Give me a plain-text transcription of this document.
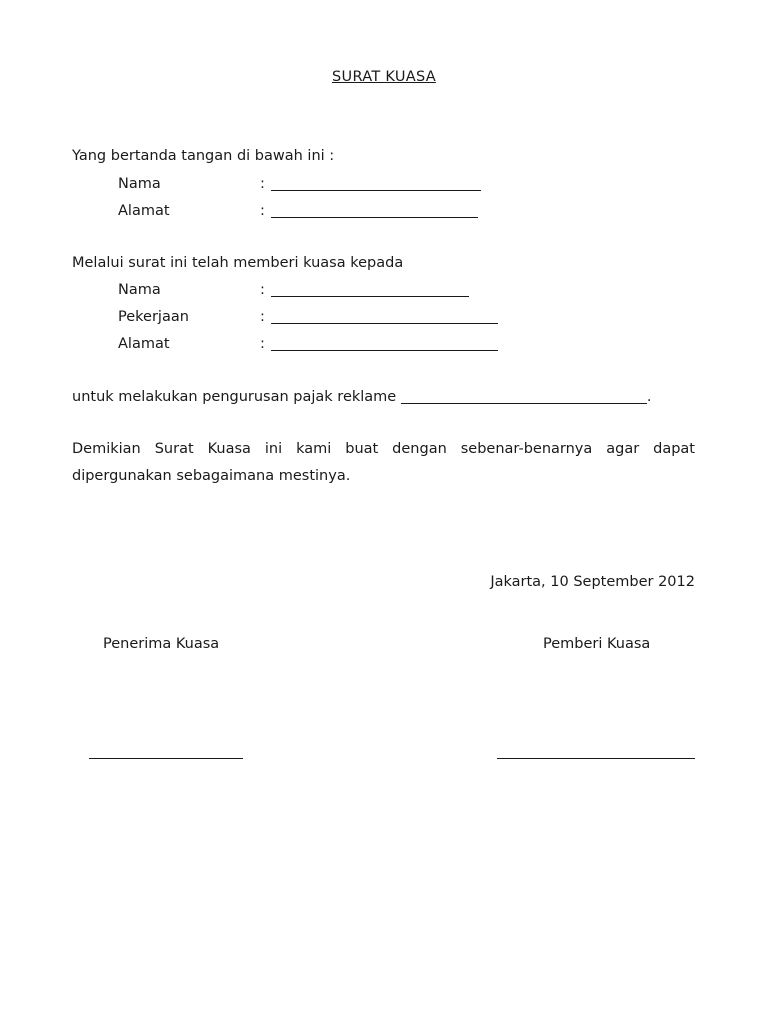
SURAT KUASA
Yang bertanda tangan di bawah ini :
Nama	:
Alamat	:
Melalui surat ini telah memberi kuasa kepada
Nama	:
Pekerjaan	:
Alamat	:
untuk melakukan pengurusan pajak reklame	.
Demikian Surat Kuasa ini kami buat dengan sebenar-benarnya agar dapat dipergunakan sebagaimana mestinya.
Jakarta, 10 September 2012
Penerima Kuasa	Pemberi Kuasa
